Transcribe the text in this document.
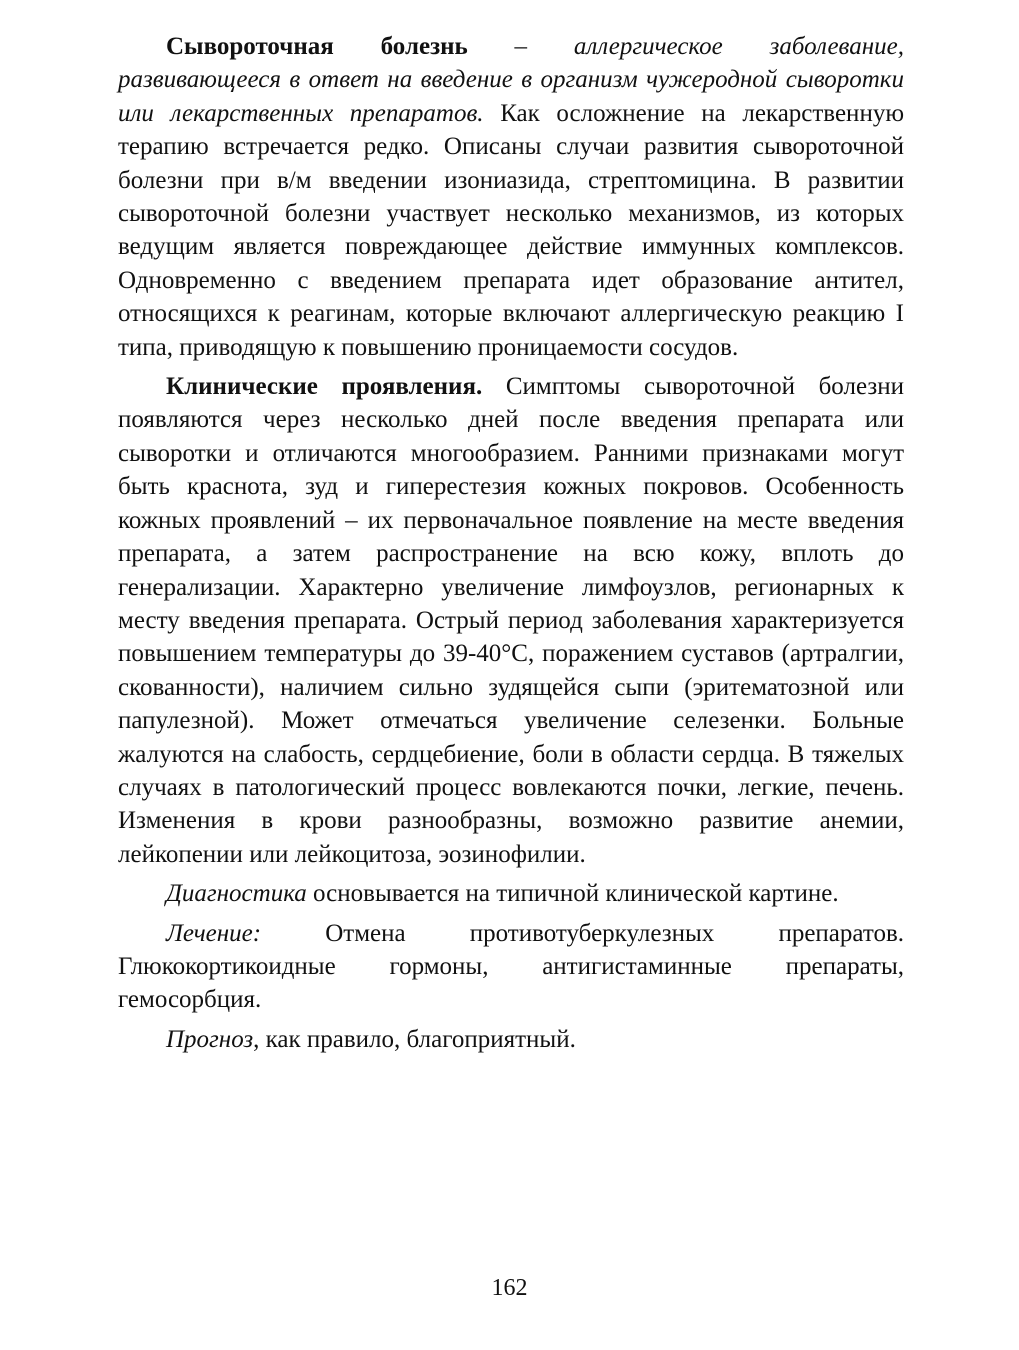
Сывороточная болезнь – аллергическое заболевание, развивающееся в ответ на введение в организм чужеродной сыворотки или лекарственных препаратов. Как осложнение на лекарственную терапию встречается редко. Описаны случаи развития сывороточной болезни при в/м введении изониазида, стрептомицина. В развитии сывороточной болезни участвует несколько механизмов, из которых ведущим является повреждающее действие иммунных комплексов. Одновременно с введением препарата идет образование антител, относящихся к реагинам, которые включают аллергическую реакцию I типа, приводящую к повышению проницаемости сосудов.

Клинические проявления. Симптомы сывороточной болезни появляются через несколько дней после введения препарата или сыворотки и отличаются многообразием. Ранними признаками могут быть краснота, зуд и гиперестезия кожных покровов. Особенность кожных проявлений – их первоначальное появление на месте введения препарата, а затем распространение на всю кожу, вплоть до генерализации. Характерно увеличение лимфоузлов, регионарных к месту введения препарата. Острый период заболевания характеризуется повышением температуры до 39-40°С, поражением суставов (артралгии, скованности), наличием сильно зудящейся сыпи (эритематозной или папулезной). Может отмечаться увеличение селезенки. Больные жалуются на слабость, сердцебиение, боли в области сердца. В тяжелых случаях в патологический процесс вовлекаются почки, легкие, печень. Изменения в крови разнообразны, возможно развитие анемии, лейкопении или лейкоцитоза, эозинофилии.

Диагностика основывается на типичной клинической картине.

Лечение: Отмена противотуберкулезных препаратов. Глюкокортикоидные гормоны, антигистаминные препараты, гемосорбция.

Прогноз, как правило, благоприятный.

162
